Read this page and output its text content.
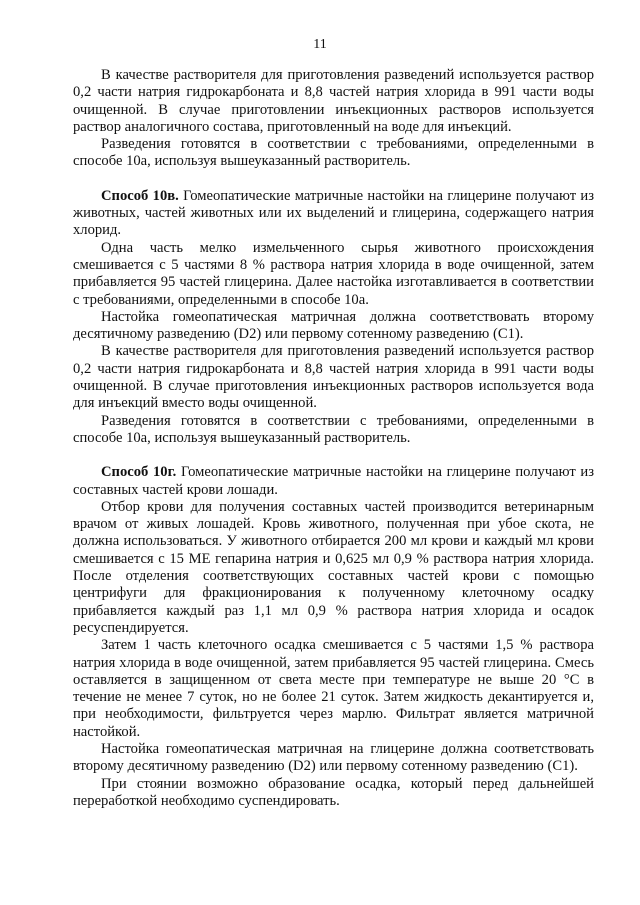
11

В качестве растворителя для приготовления разведений используется раствор 0,2 части натрия гидрокарбоната и 8,8 частей натрия хлорида в 991 части воды очищенной. В случае приготовлении инъекционных растворов используется раствор аналогичного состава, приготовленный на воде для инъекций.

Разведения готовятся в соответствии с требованиями, определенными в способе 10а, используя вышеуказанный растворитель.

Способ 10в. Гомеопатические матричные настойки на глицерине получают из животных, частей животных или их выделений и глицерина, содержащего натрия хлорид.

Одна часть мелко измельченного сырья животного происхождения смешивается с 5 частями 8 % раствора натрия хлорида в воде очищенной, затем прибавляется 95 частей глицерина. Далее настойка изготавливается в соответствии с требованиями, определенными в способе 10а.

Настойка гомеопатическая матричная должна соответствовать второму десятичному разведению (D2) или первому сотенному разведению (C1).

В качестве растворителя для приготовления разведений используется раствор 0,2 части натрия гидрокарбоната и 8,8 частей натрия хлорида в 991 части воды очищенной. В случае приготовления инъекционных растворов используется вода для инъекций вместо воды очищенной.

Разведения готовятся в соответствии с требованиями, определенными в способе 10а, используя вышеуказанный растворитель.

Способ 10г. Гомеопатические матричные настойки на глицерине получают из составных частей крови лошади.

Отбор крови для получения составных частей производится ветеринарным врачом от живых лошадей. Кровь животного, полученная при убое скота, не должна использоваться. У животного отбирается 200 мл крови и каждый мл крови смешивается с 15 МЕ гепарина натрия и 0,625 мл 0,9 % раствора натрия хлорида. После отделения соответствующих составных частей крови с помощью центрифуги для фракционирования к полученному клеточному осадку прибавляется каждый раз 1,1 мл 0,9 % раствора натрия хлорида и осадок ресуспендируется.

Затем 1 часть клеточного осадка смешивается с 5 частями 1,5 % раствора натрия хлорида в воде очищенной, затем прибавляется 95 частей глицерина. Смесь оставляется в защищенном от света месте при температуре не выше 20 °С в течение не менее 7 суток, но не более 21 суток. Затем жидкость декантируется и, при необходимости, фильтруется через марлю. Фильтрат является матричной настойкой.

Настойка гомеопатическая матричная на глицерине должна соответствовать второму десятичному разведению (D2) или первому сотенному разведению (C1).

При стоянии возможно образование осадка, который перед дальнейшей переработкой необходимо суспендировать.
